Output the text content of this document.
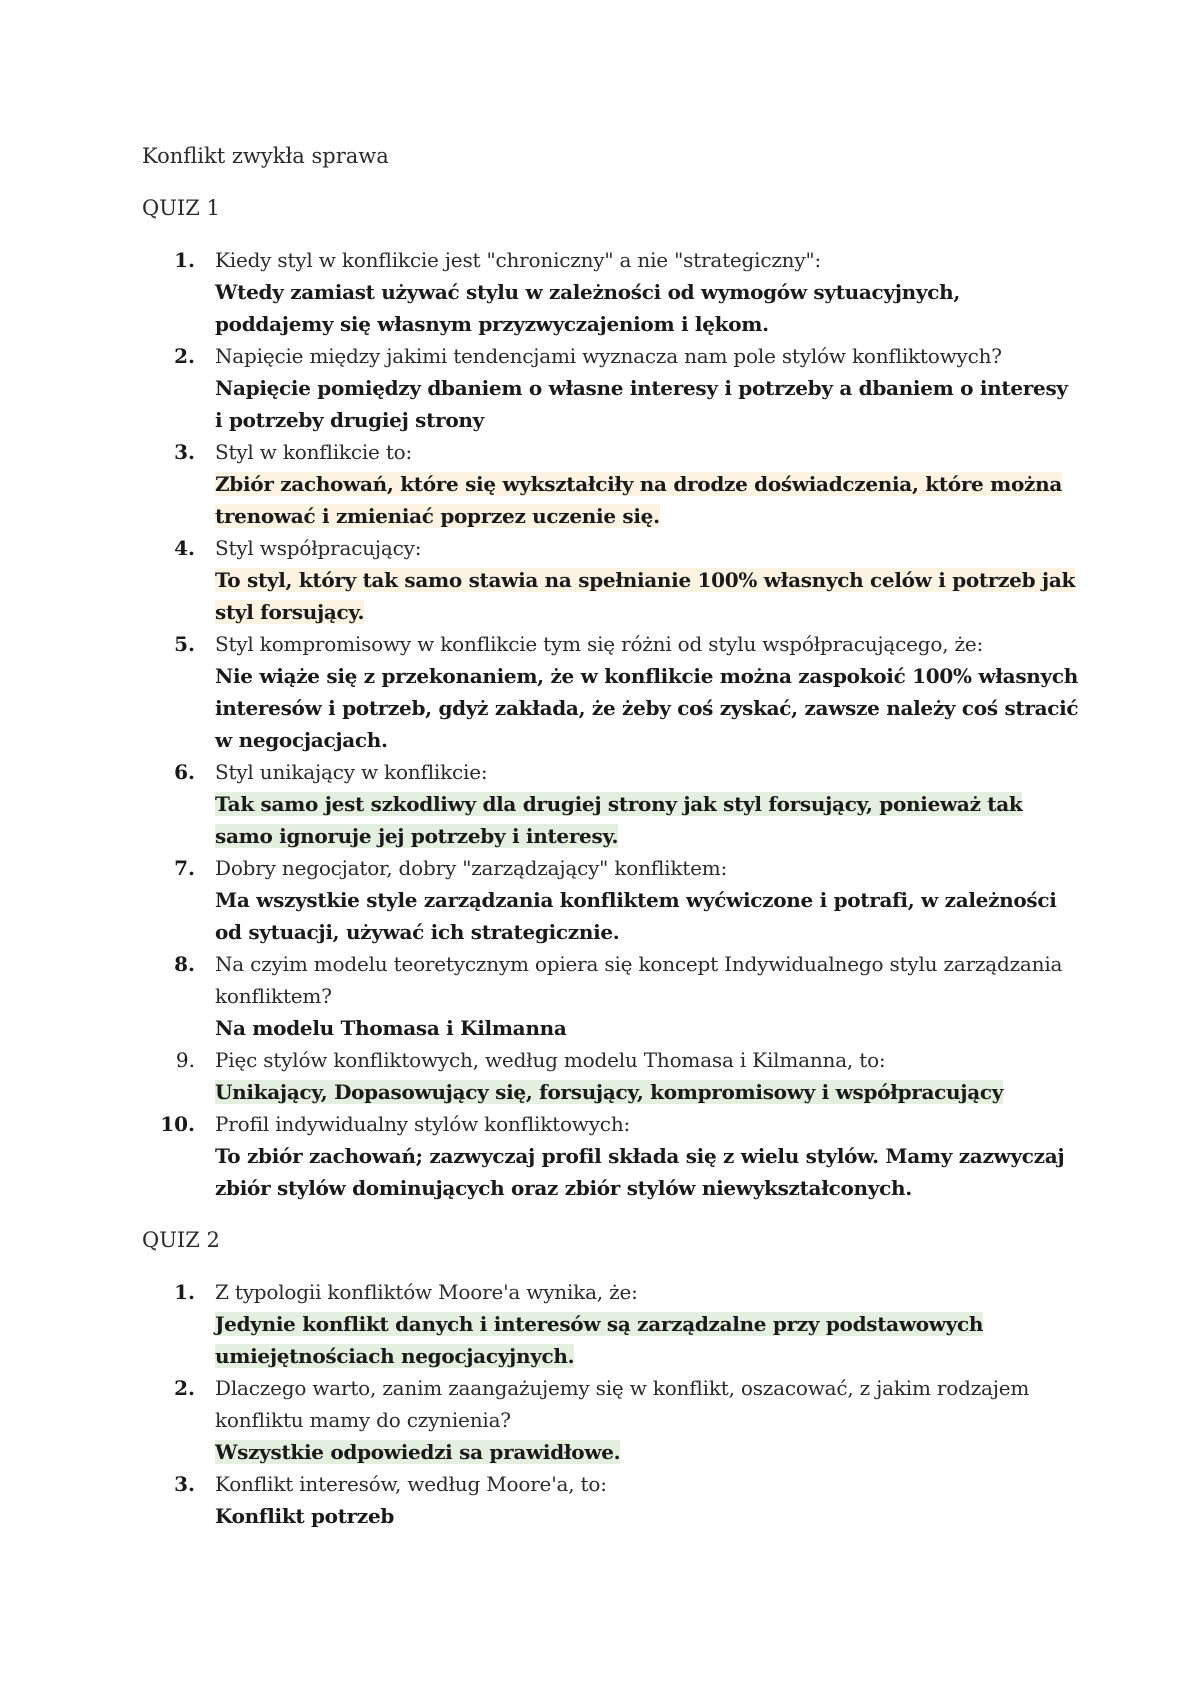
Konflikt zwykła sprawa
QUIZ 1
1. Kiedy styl w konflikcie jest "chroniczny" a nie "strategiczny":
Wtedy zamiast używać stylu w zależności od wymogów sytuacyjnych, poddajemy się własnym przyzwyczajeniom i lękom.
2. Napięcie między jakimi tendencjami wyznacza nam pole stylów konfliktowych?
Napięcie pomiędzy dbaniem o własne interesy i potrzeby a dbaniem o interesy i potrzeby drugiej strony
3. Styl w konflikcie to:
Zbiór zachowań, które się wykształciły na drodze doświadczenia, które można trenować i zmieniać poprzez uczenie się.
4. Styl współpracujący:
To styl, który tak samo stawia na spełnianie 100% własnych celów i potrzeb jak styl forsujący.
5. Styl kompromisowy w konflikcie tym się różni od stylu współpracującego, że:
Nie wiąże się z przekonaniem, że w konflikcie można zaspokoić 100% własnych interesów i potrzeb, gdyż zakłada, że żeby coś zyskać, zawsze należy coś stracić w negocjacjach.
6. Styl unikający w konflikcie:
Tak samo jest szkodliwy dla drugiej strony jak styl forsujący, ponieważ tak samo ignoruje jej potrzeby i interesy.
7. Dobry negocjator, dobry "zarządzający" konfliktem:
Ma wszystkie style zarządzania konfliktem wyćwiczone i potrafi, w zależności od sytuacji, używać ich strategicznie.
8. Na czyim modelu teoretycznym opiera się koncept Indywidualnego stylu zarządzania konfliktem?
Na modelu Thomasa i Kilmanna
9. Pięc stylów konfliktowych, według modelu Thomasa i Kilmanna, to:
Unikający, Dopasowujący się, forsujący, kompromisowy i współpracujący
10. Profil indywidualny stylów konfliktowych:
To zbiór zachowań; zazwyczaj profil składa się z wielu stylów. Mamy zazwyczaj zbiór stylów dominujących oraz zbiór stylów niewykształconych.
QUIZ 2
1. Z typologii konfliktów Moore'a wynika, że:
Jedynie konflikt danych i interesów są zarządzalne przy podstawowych umiejętnościach negocjacyjnych.
2. Dlaczego warto, zanim zaangażujemy się w konflikt, oszacować, z jakim rodzajem konfliktu mamy do czynienia?
Wszystkie odpowiedzi sa prawidłowe.
3. Konflikt interesów, według Moore'a, to:
Konflikt potrzeb
